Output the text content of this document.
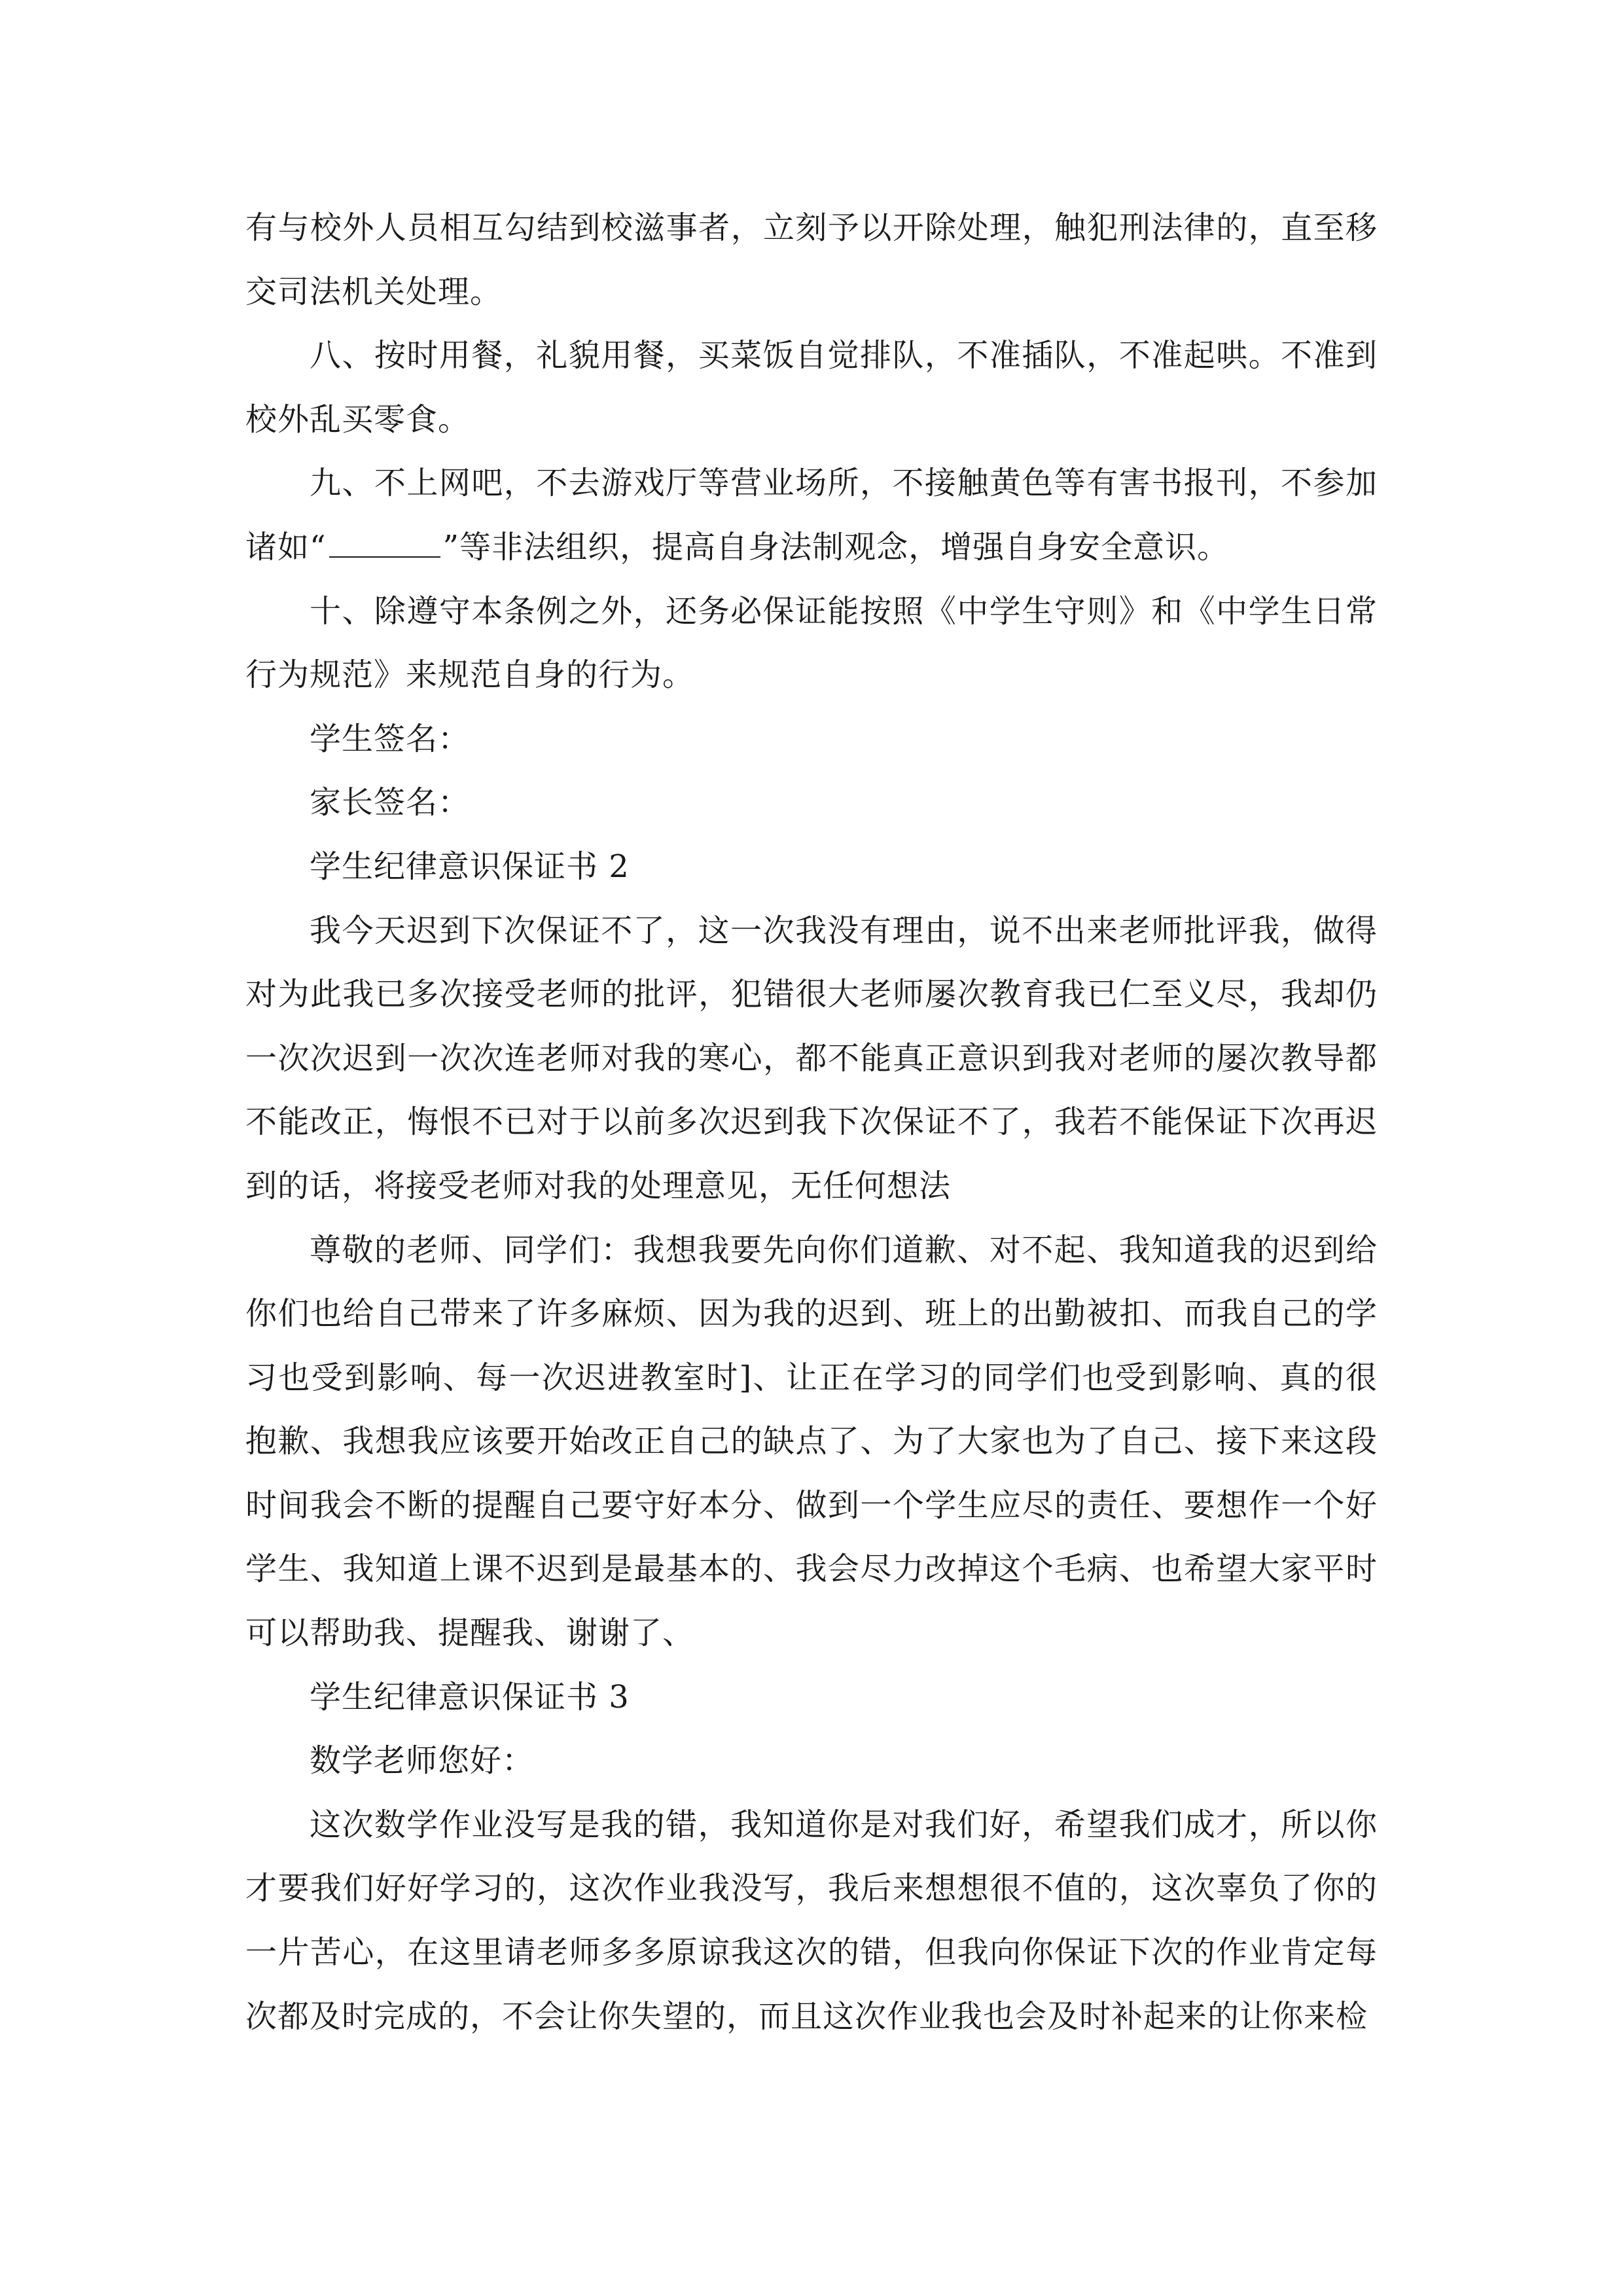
有与校外人员相互勾结到校滋事者，立刻予以开除处理，触犯刑法律的，直至移交司法机关处理。

八、按时用餐，礼貌用餐，买菜饭自觉排队，不准插队，不准起哄。不准到校外乱买零食。

九、不上网吧，不去游戏厅等营业场所，不接触黄色等有害书报刊，不参加诸如“	”等非法组织，提高自身法制观念，增强自身安全意识。

十、除遵守本条例之外，还务必保证能按照《中学生守则》和《中学生日常行为规范》来规范自身的行为。

学生签名：

家长签名：

学生纪律意识保证书 2

我今天迟到下次保证不了，这一次我没有理由，说不出来老师批评我，做得对为此我已多次接受老师的批评，犯错很大老师屡次教育我已仁至义尽，我却仍一次次迟到一次次连老师对我的寒心，都不能真正意识到我对老师的屡次教导都不能改正，悔恨不已对于以前多次迟到我下次保证不了，我若不能保证下次再迟到的话，将接受老师对我的处理意见，无任何想法

尊敬的老师、同学们：我想我要先向你们道歉、对不起、我知道我的迟到给你们也给自己带来了许多麻烦、因为我的迟到、班上的出勤被扣、而我自己的学习也受到影响、每一次迟进教室时]、让正在学习的同学们也受到影响、真的很抱歉、我想我应该要开始改正自己的缺点了、为了大家也为了自己、接下来这段时间我会不断的提醒自己要守好本分、做到一个学生应尽的责任、要想作一个好学生、我知道上课不迟到是最基本的、我会尽力改掉这个毛病、也希望大家平时可以帮助我、提醒我、谢谢了、

学生纪律意识保证书 3

数学老师您好：

这次数学作业没写是我的错，我知道你是对我们好，希望我们成才，所以你才要我们好好学习的，这次作业我没写，我后来想想很不值的，这次辜负了你的一片苦心，在这里请老师多多原谅我这次的错，但我向你保证下次的作业肯定每次都及时完成的，不会让你失望的，而且这次作业我也会及时补起来的让你来检
